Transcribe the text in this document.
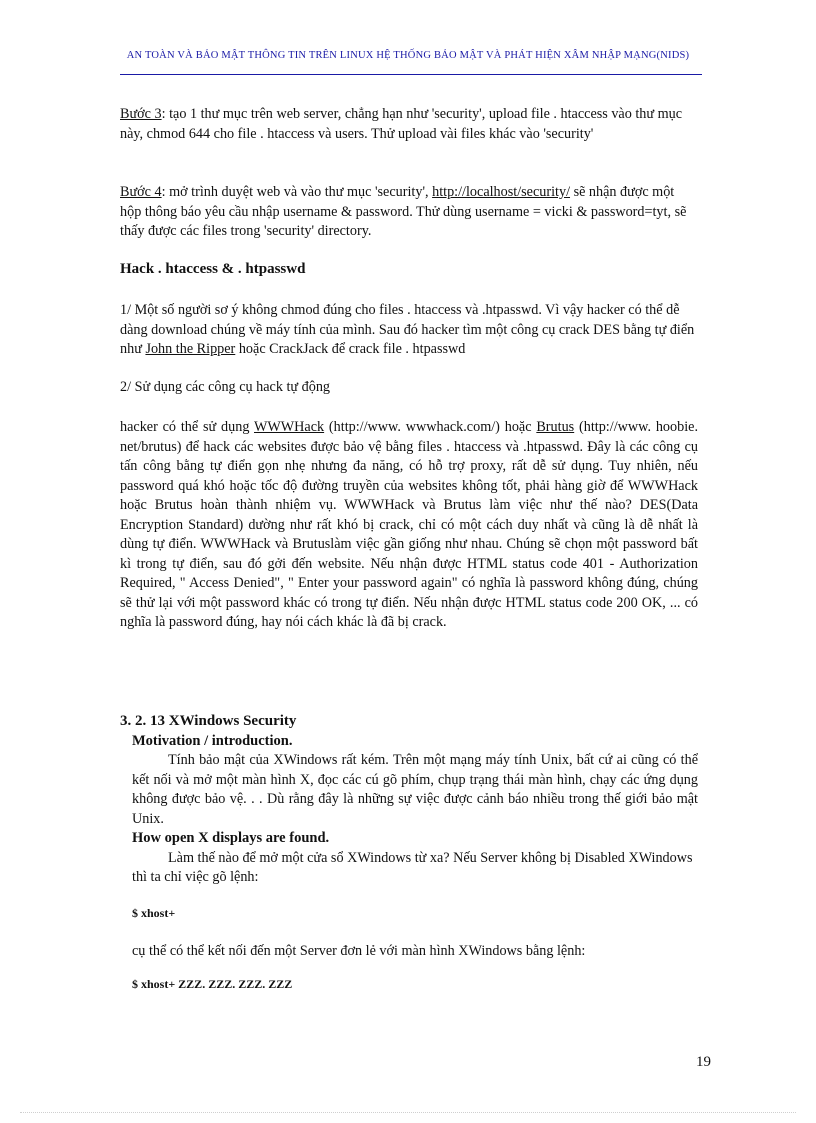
AN TOÀN VÀ BẢO MẬT THÔNG TIN TRÊN LINUX HỆ THỐNG BẢO MẬT VÀ PHÁT HIỆN XÂM NHẬP MẠNG(NIDS)

Bước 3: tạo 1 thư mục trên web server, chẳng hạn như 'security', upload file . htaccess vào thư mục này, chmod 644 cho file . htaccess và users. Thử upload vài files khác vào 'security'

Bước 4: mở trình duyệt web và vào thư mục 'security', http://localhost/security/ sẽ nhận được một hộp thông báo yêu cầu nhập username & password. Thử dùng username = vicki & password=tyt, sẽ thấy được các files trong 'security' directory.

Hack . htaccess & . htpasswd

1/ Một số người sơ ý không chmod đúng cho files . htaccess và .htpasswd. Vì vậy hacker có thể dễ dàng download chúng về máy tính của mình. Sau đó hacker tìm một công cụ crack DES bằng tự điển như John the Ripper hoặc CrackJack để crack file . htpasswd

2/ Sử dụng các công cụ hack tự động

hacker có thể sử dụng WWWHack (http://www. wwwhack.com/) hoặc Brutus (http://www. hoobie. net/brutus) để hack các websites được bảo vệ bằng files . htaccess và .htpasswd. Đây là các công cụ tấn công bằng tự điển gọn nhẹ nhưng đa năng, có hỗ trợ proxy, rất dễ sử dụng. Tuy nhiên, nếu password quá khó hoặc tốc độ đường truyền của websites không tốt, phải hàng giờ để WWWHack hoặc Brutus hoàn thành nhiệm vụ. WWWHack và Brutus làm việc như thế nào? DES(Data Encryption Standard) dường như rất khó bị crack, chỉ có một cách duy nhất và cũng là dễ nhất là dùng tự điển. WWWHack và Brutuslàm việc gần giống như nhau. Chúng sẽ chọn một password bất kì trong tự điển, sau đó gởi đến website. Nếu nhận được HTML status code 401 - Authorization Required, " Access Denied", " Enter your password again" có nghĩa là password không đúng, chúng sẽ thử lại với một password khác có trong tự điển. Nếu nhận được HTML status code 200 OK, ... có nghĩa là password đúng, hay nói cách khác là đã bị crack.

3. 2. 13 XWindows Security

Motivation / introduction.

Tính bảo mật của XWindows rất kém. Trên một mạng máy tính Unix, bất cứ ai cũng có thể kết nối và mở một màn hình X, đọc các cú gõ phím, chụp trạng thái màn hình, chạy các ứng dụng không được bảo vệ. . . Dù rằng đây là những sự việc được cảnh báo nhiều trong thế giới bảo mật Unix.

How open X displays are found.

Làm thế nào để mở một cửa sổ XWindows từ xa? Nếu Server không bị Disabled XWindows thì ta chỉ việc gõ lệnh:

$ xhost+
cụ thể có thể kết nối đến một Server đơn lẻ với màn hình XWindows bằng lệnh:
$ xhost+ ZZZ. ZZZ. ZZZ. ZZZ
19
